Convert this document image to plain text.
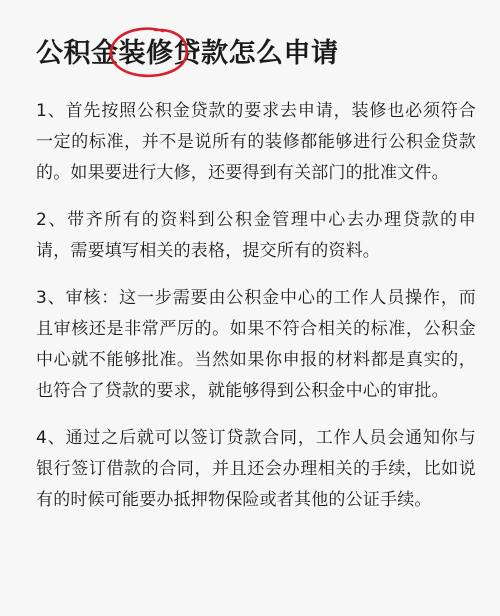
公积金装修
贷款怎么申请

1、首先按照公积金贷款的要求去申请，装修也必须符合一定的标准，并不是说所有的装修都能够进行公积金贷款的。如果要进行大修，还要得到有关部门的批准文件。

2、带齐所有的资料到公积金管理中心去办理贷款的申请，需要填写相关的表格，提交所有的资料。

3、审核：这一步需要由公积金中心的工作人员操作，而且审核还是非常严厉的。如果不符合相关的标准，公积金中心就不能够批准。当然如果你申报的材料都是真实的，也符合了贷款的要求，就能够得到公积金中心的审批。

4、通过之后就可以签订贷款合同，工作人员会通知你与银行签订借款的合同，并且还会办理相关的手续，比如说有的时候可能要办抵押物保险或者其他的公证手续。
